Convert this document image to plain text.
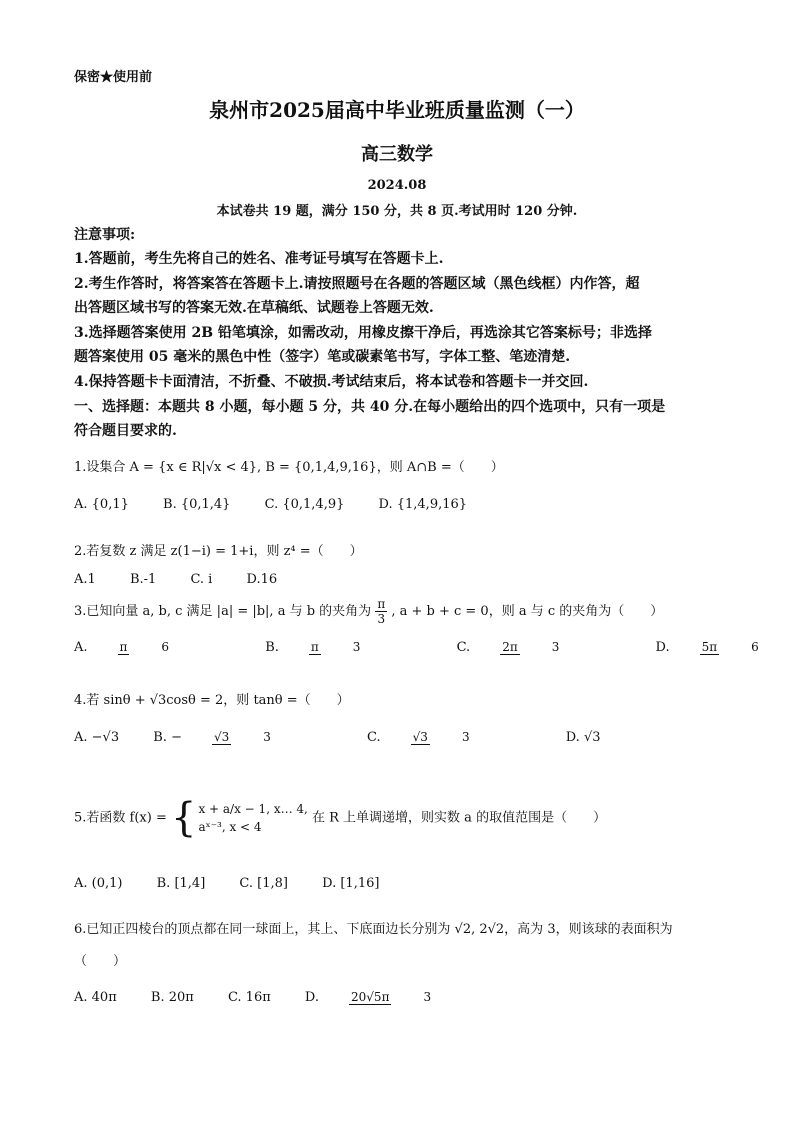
保密★使用前
泉州市2025届高中毕业班质量监测（一）
高三数学
2024.08
本试卷共 19 题，满分 150 分，共 8 页.考试用时 120 分钟.
注意事项:
1.答题前，考生先将自己的姓名、准考证号填写在答题卡上.
2.考生作答时，将答案答在答题卡上.请按照题号在各题的答题区域（黑色线框）内作答，超
出答题区域书写的答案无效.在草稿纸、试题卷上答题无效.
3.选择题答案使用 2B 铅笔填涂，如需改动，用橡皮擦干净后，再选涂其它答案标号；非选择
题答案使用 05 毫米的黑色中性（签字）笔或碳素笔书写，字体工整、笔迹清楚.
4.保持答题卡卡面清洁，不折叠、不破损.考试结束后，将本试卷和答题卡一并交回.
一、选择题：本题共 8 小题，每小题 5 分，共 40 分.在每小题给出的四个选项中，只有一项是
符合题目要求的.
1.设集合 A = {x ∈ R|√x < 4}, B = {0,1,4,9,16}，则 A∩B =（　　）
A. {0,1}	B. {0,1,4}	C. {0,1,4,9}	D. {1,4,9,16}
2.若复数 z 满足 z(1−i) = 1+i，则 z⁴ =（　　）
A.1	B.-1	C. i	D.16
3.已知向量 a, b, c 满足 |a| = |b|, a 与 b 的夹角为 $\frac{\pi}{3}$ , a + b + c = 0，则 a 与 c 的夹角为（　　）
A.	π	6	B.	π	3	C.	2π	3	D.	5π	6
4.若 sinθ + √3cosθ = 2，则 tanθ =（　　）
A. −√3	B. −	√3	3	C.	√3	3	D. √3
5.若函数 f(x) = { x + a/x − 1, x… 4,
aˣ⁻³, x < 4
在 R 上单调递增，则实数 a 的取值范围是（　　）
A. (0,1)	B. [1,4]	C. [1,8]	D. [1,16]
6.已知正四棱台的顶点都在同一球面上，其上、下底面边长分别为 √2, 2√2，高为 3，则该球的表面积为
（　　）
A. 40π	B. 20π	C. 16π	D.	20√5π	3
